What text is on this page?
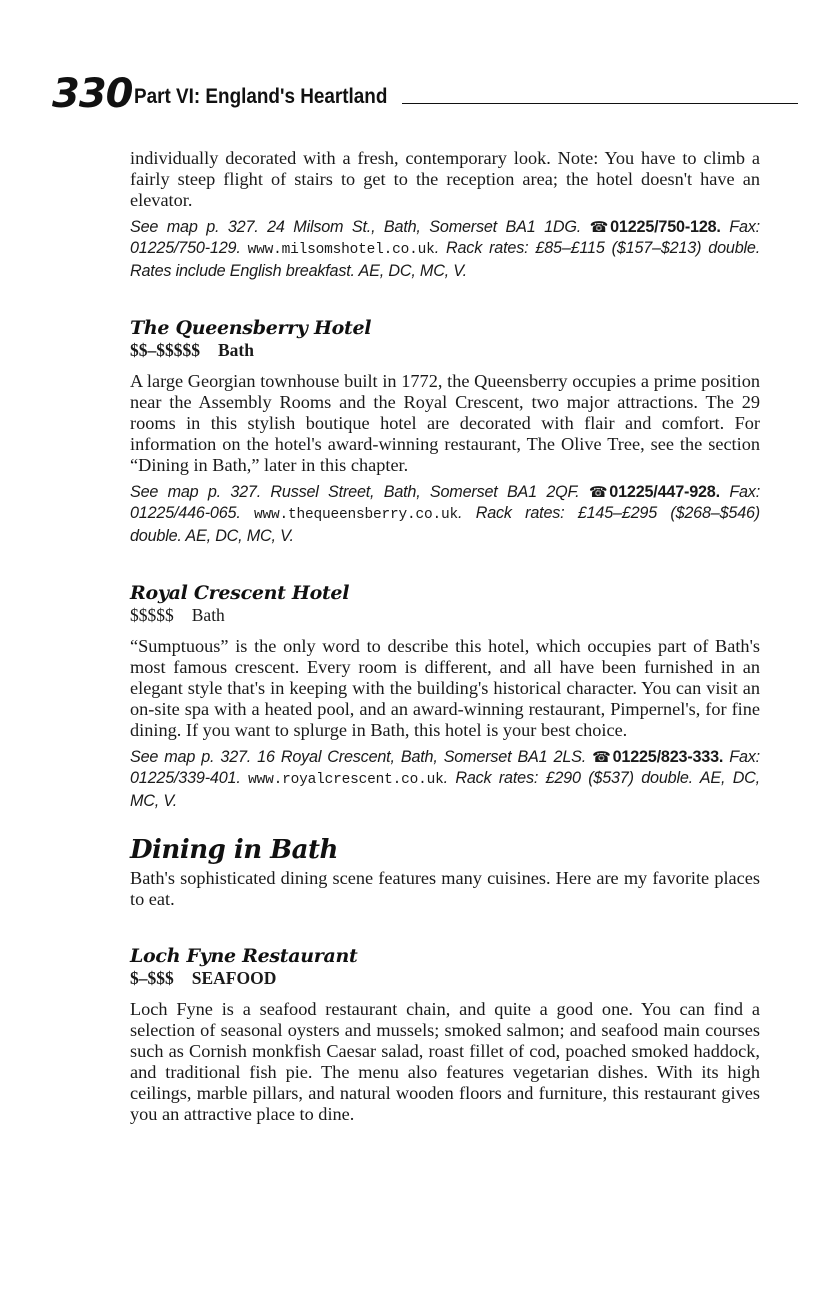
330 Part VI: England's Heartland

individually decorated with a fresh, contemporary look. Note: You have to climb a fairly steep flight of stairs to get to the reception area; the hotel doesn't have an elevator.

See map p. 327. 24 Milsom St., Bath, Somerset BA1 1DG. ☎ 01225/750-128. Fax: 01225/750-129. www.milsomshotel.co.uk. Rack rates: £85–£115 ($157–$213) double. Rates include English breakfast. AE, DC, MC, V.

The Queensberry Hotel
$$–$$$$$ Bath

A large Georgian townhouse built in 1772, the Queensberry occupies a prime position near the Assembly Rooms and the Royal Crescent, two major attractions. The 29 rooms in this stylish boutique hotel are decorated with flair and comfort. For information on the hotel's award-winning restaurant, The Olive Tree, see the section “Dining in Bath,” later in this chapter.

See map p. 327. Russel Street, Bath, Somerset BA1 2QF. ☎ 01225/447-928. Fax: 01225/446-065. www.thequeensberry.co.uk. Rack rates: £145–£295 ($268–$546) double. AE, DC, MC, V.

Royal Crescent Hotel
$$$$$ Bath

“Sumptuous” is the only word to describe this hotel, which occupies part of Bath's most famous crescent. Every room is different, and all have been furnished in an elegant style that's in keeping with the building's historical character. You can visit an on-site spa with a heated pool, and an award-winning restaurant, Pimpernel's, for fine dining. If you want to splurge in Bath, this hotel is your best choice.

See map p. 327. 16 Royal Crescent, Bath, Somerset BA1 2LS. ☎ 01225/823-333. Fax: 01225/339-401. www.royalcrescent.co.uk. Rack rates: £290 ($537) double. AE, DC, MC, V.

Dining in Bath

Bath's sophisticated dining scene features many cuisines. Here are my favorite places to eat.

Loch Fyne Restaurant
$–$$$ SEAFOOD

Loch Fyne is a seafood restaurant chain, and quite a good one. You can find a selection of seasonal oysters and mussels; smoked salmon; and seafood main courses such as Cornish monkfish Caesar salad, roast fillet of cod, poached smoked haddock, and traditional fish pie. The menu also features vegetarian dishes. With its high ceilings, marble pillars, and natural wooden floors and furniture, this restaurant gives you an attractive place to dine.
